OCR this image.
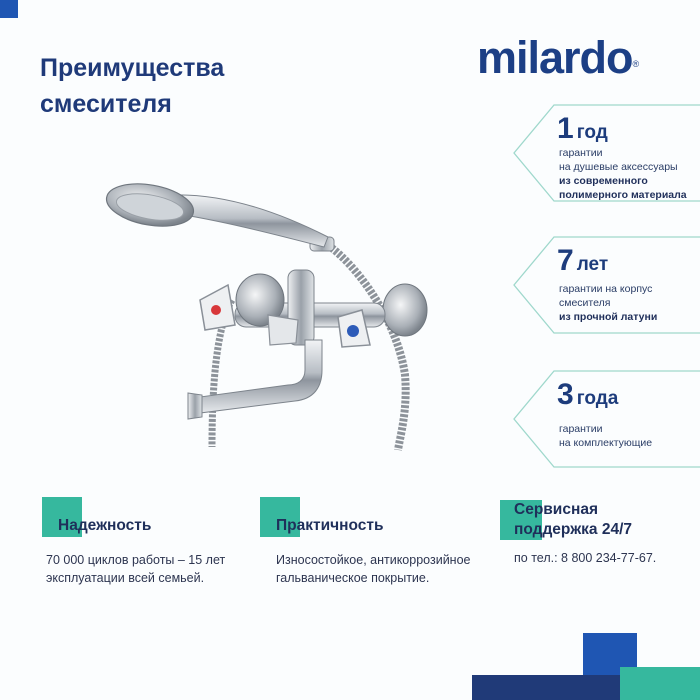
Преимущества
смесителя
milardo®
1 год
гарантии
на душевые аксессуары
из современного
полимерного материала
7 лет
гарантии на корпус
смесителя
из прочной латуни
3 года
гарантии
на комплектующие
Надежность
70 000 циклов работы – 15 лет
эксплуатации всей семьей.
Практичность
Износостойкое, антикоррозийное
гальваническое покрытие.
Сервисная
поддержка 24/7
по тел.: 8 800 234-77-67.
